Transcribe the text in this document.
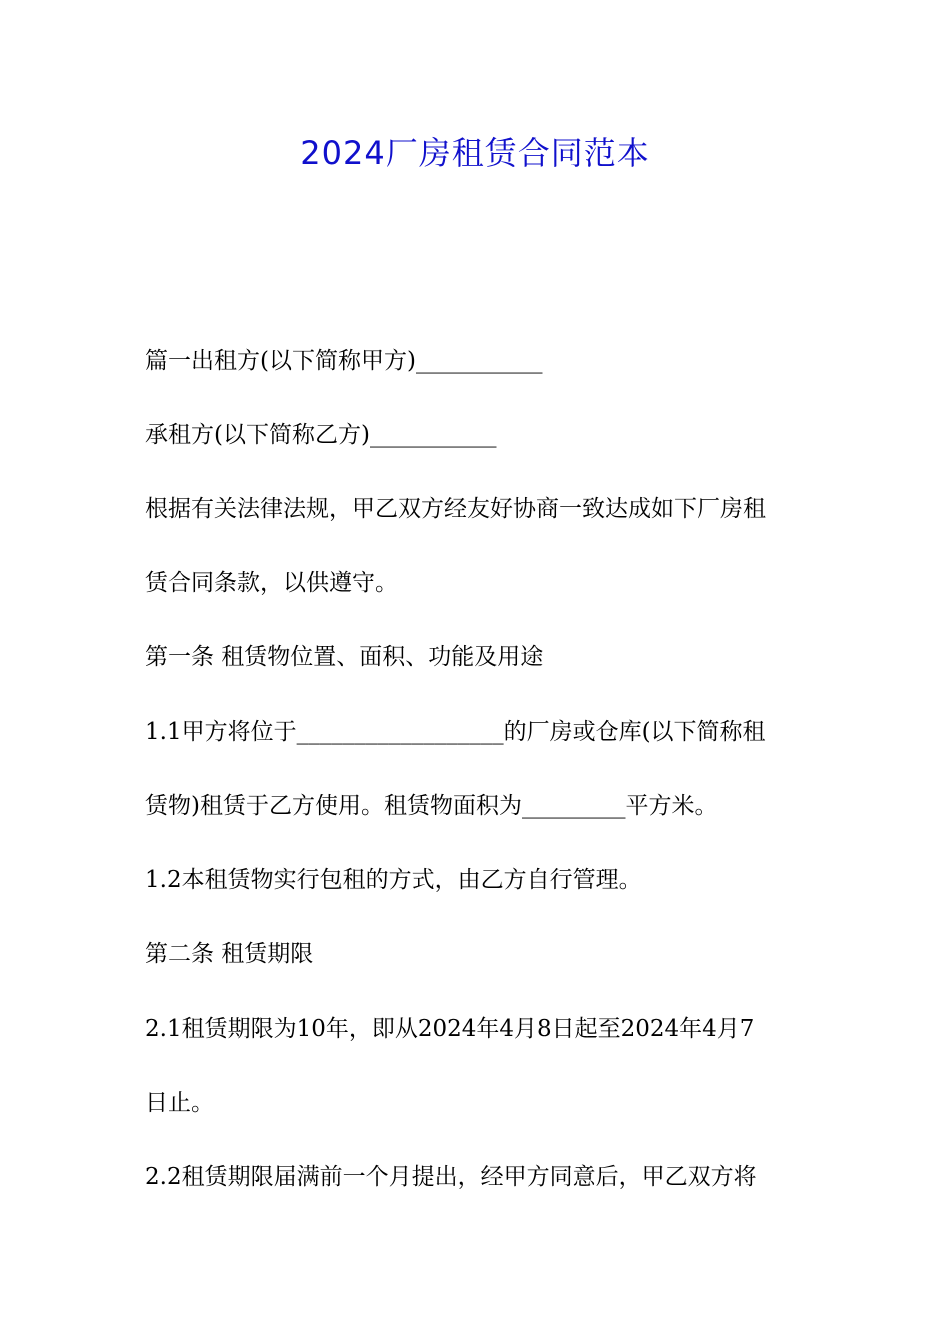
2024厂房租赁合同范本

篇一出租方(以下简称甲方)___________

承租方(以下简称乙方)___________

根据有关法律法规，甲乙双方经友好协商一致达成如下厂房租

赁合同条款，以供遵守。

第一条 租赁物位置、面积、功能及用途

1.1甲方将位于__________________的厂房或仓库(以下简称租

赁物)租赁于乙方使用。租赁物面积为_________平方米。

1.2本租赁物实行包租的方式，由乙方自行管理。

第二条 租赁期限

2.1租赁期限为10年，即从2024年4月8日起至2024年4月7

日止。

2.2租赁期限届满前一个月提出，经甲方同意后，甲乙双方将
